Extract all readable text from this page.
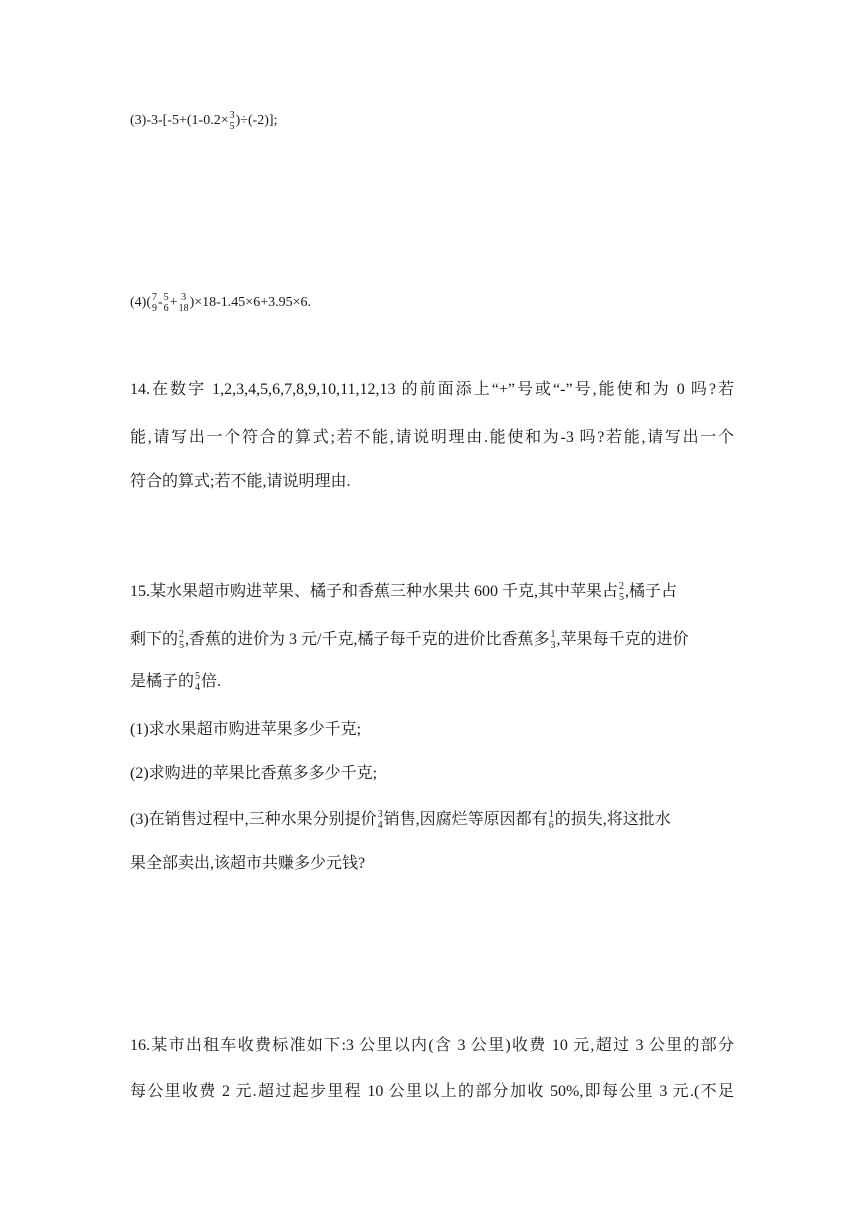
(3)-3-[-5+(1-0.2× 3
5 )÷(-2)];
(4)( 7
9 - 5
6 + 3
18 )×18-1.45×6+3.95×6.
14.在数字 1,2,3,4,5,6,7,8,9,10,11,12,13 的前面添上“+”号或“-”号,能使和为 0 吗?若
能,请写出一个符合的算式;若不能,请说明理由.能使和为-3 吗?若能,请写出一个
符合的算式;若不能,请说明理由.
15.某水果超市购进苹果、橘子和香蕉三种水果共 600 千克,其中苹果占 2
5 ,橘子占
剩下的 2
5 ,香蕉的进价为 3 元/千克,橘子每千克的进价比香蕉多 1
3 ,苹果每千克的进价
是橘子的 5
4 倍.
(1)求水果超市购进苹果多少千克;
(2)求购进的苹果比香蕉多多少千克;
(3)在销售过程中,三种水果分别提价 3
4 销售,因腐烂等原因都有 1
6 的损失,将这批水
果全部卖出,该超市共赚多少元钱?
16.某市出租车收费标准如下:3 公里以内(含 3 公里)收费 10 元,超过 3 公里的部分
每公里收费 2 元.超过起步里程 10 公里以上的部分加收 50%,即每公里 3 元.(不足
